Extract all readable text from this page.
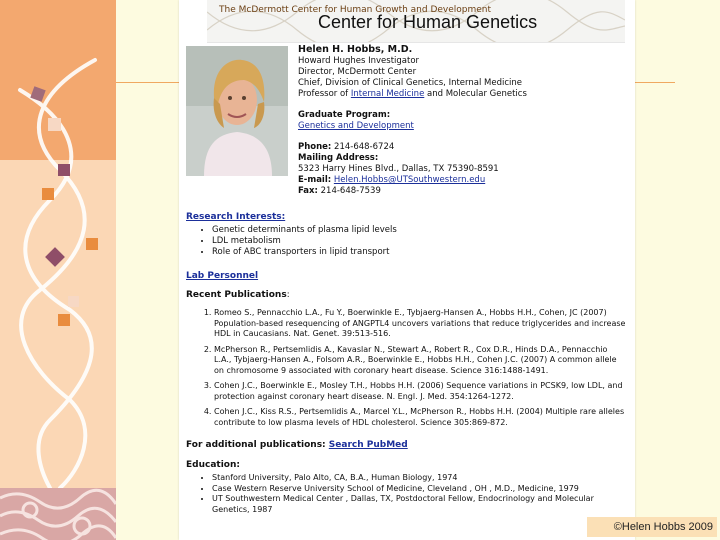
The McDermott Center for Human Growth and Development
Center for Human Genetics
Helen H. Hobbs, M.D.
Howard Hughes Investigator
Director, McDermott Center
Chief, Division of Clinical Genetics, Internal Medicine
Professor of Internal Medicine and Molecular Genetics
Graduate Program:
Genetics and Development
Phone: 214-648-6724
Mailing Address:
5323 Harry Hines Blvd., Dallas, TX 75390-8591
E-mail: Helen.Hobbs@UTSouthwestern.edu
Fax: 214-648-7539
Research Interests:
• Genetic determinants of plasma lipid levels
• LDL metabolism
• Role of ABC transporters in lipid transport
Lab Personnel
Recent Publications:
1. Romeo S., Pennacchio L.A., Fu Y., Boerwinkle E., Tybjaerg-Hansen A., Hobbs H.H., Cohen, JC (2007) Population-based resequencing of ANGPTL4 uncovers variations that reduce triglycerides and increase HDL in Caucasians. Nat. Genet. 39:513-516.
2. McPherson R., Pertsemlidis A., Kavaslar N., Stewart A., Robert R., Cox D.R., Hinds D.A., Pennacchio L.A., Tybjaerg-Hansen A., Folsom A.R., Boerwinkle E., Hobbs H.H., Cohen J.C. (2007) A common allele on chromosome 9 associated with coronary heart disease. Science 316:1488-1491.
3. Cohen J.C., Boerwinkle E., Mosley T.H., Hobbs H.H. (2006) Sequence variations in PCSK9, low LDL, and protection against coronary heart disease. N. Engl. J. Med. 354:1264-1272.
4. Cohen J.C., Kiss R.S., Pertsemlidis A., Marcel Y.L., McPherson R., Hobbs H.H. (2004) Multiple rare alleles contribute to low plasma levels of HDL cholesterol. Science 305:869-872.
For additional publications: Search PubMed
Education:
• Stanford University, Palo Alto, CA, B.A., Human Biology, 1974
• Case Western Reserve University School of Medicine, Cleveland , OH , M.D., Medicine, 1979
• UT Southwestern Medical Center , Dallas, TX, Postdoctoral Fellow, Endocrinology and Molecular Genetics, 1987
©Helen Hobbs 2009
